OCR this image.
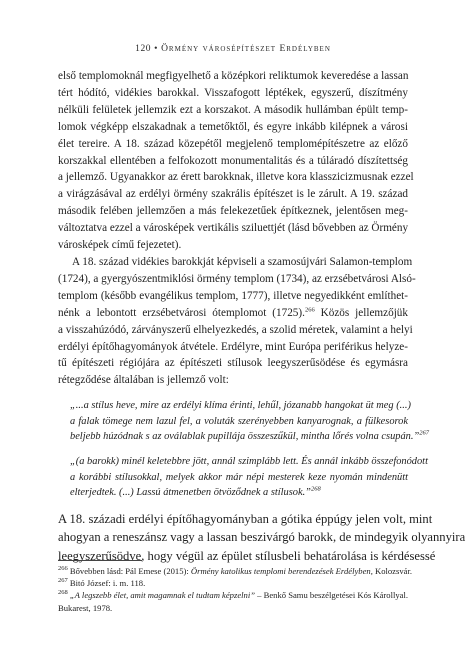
120 • Örmény városépítészet Erdélyben
első templomoknál megfigyelhető a középkori reliktumok keveredése a lassan
tért hódító, vidékies barokkal. Visszafogott léptékek, egyszerű, díszítmény
nélküli felületek jellemzik ezt a korszakot. A második hullámban épült temp-
lomok végképp elszakadnak a temetőktől, és egyre inkább kilépnek a városi
élet tereire. A 18. század közepétől megjelenő templomépítészetre az előző
korszakkal ellentében a felfokozott monumentalitás és a túláradó díszítettség
a jellemző. Ugyanakkor az érett barokknak, illetve kora klasszicizmusnak ezzel
a virágzásával az erdélyi örmény szakrális építészet is le zárult. A 19. század
második felében jellemzően a más felekezetűek építkeznek, jelentősen meg-
változtatva ezzel a városképek vertikális sziluettjét (lásd bővebben az Örmény
városképek című fejezetet).
A 18. század vidékies barokkját képviseli a szamosújvári Salamon-templom
(1724), a gyergyószentmiklósi örmény templom (1734), az erzsébetvárosi Alsó-
templom (később evangélikus templom, 1777), illetve negyedikként említhet-
nénk a lebontott erzsébetvárosi ótemplomot (1725).$^{266}$ Közös jellemzőjük
a visszahúzódó, zárványszerű elhelyezkedés, a szolid méretek, valamint a helyi
erdélyi építőhagyományok átvétele. Erdélyre, mint Európa periférikus helyze-
tű építészeti régiójára az építészeti stílusok leegyszerűsödése és egymásra
rétegződése általában is jellemző volt:
„...a stílus heve, mire az erdélyi klíma érinti, lehűl, józanabb hangokat üt meg (...)
a falak tömege nem lazul fel, a voluták szerényebben kanyarognak, a fülkesorok
beljebb húzódnak s az oválablak pupillája összeszűkül, mintha lőrés volna csupán.”$^{267}$
„(a barokk) minél keletebbre jött, annál szimplább lett. És annál inkább összefonódott
a korábbi stílusokkal, melyek akkor már népi mesterek keze nyomán mindenütt
elterjedtek. (...) Lassú átmenetben ötvöződnek a stílusok.”$^{268}$
A 18. századi erdélyi építőhagyományban a gótika éppúgy jelen volt, mint
ahogyan a reneszánsz vagy a lassan beszivárgó barokk, de mindegyik olyannyira
leegyszerűsödve, hogy végül az épület stílusbeli behatárolása is kérdésessé
$^{266}$ Bővebben lásd: Pál Emese (2015): Örmény katolikus templomi berendezések Erdélyben, Kolozsvár.
$^{267}$ Bitó József: i. m. 118.
$^{268}$ „A legszebb élet, amit magamnak el tudtam képzelni” – Benkő Samu beszélgetései Kós Károllyal.
Bukarest, 1978.
